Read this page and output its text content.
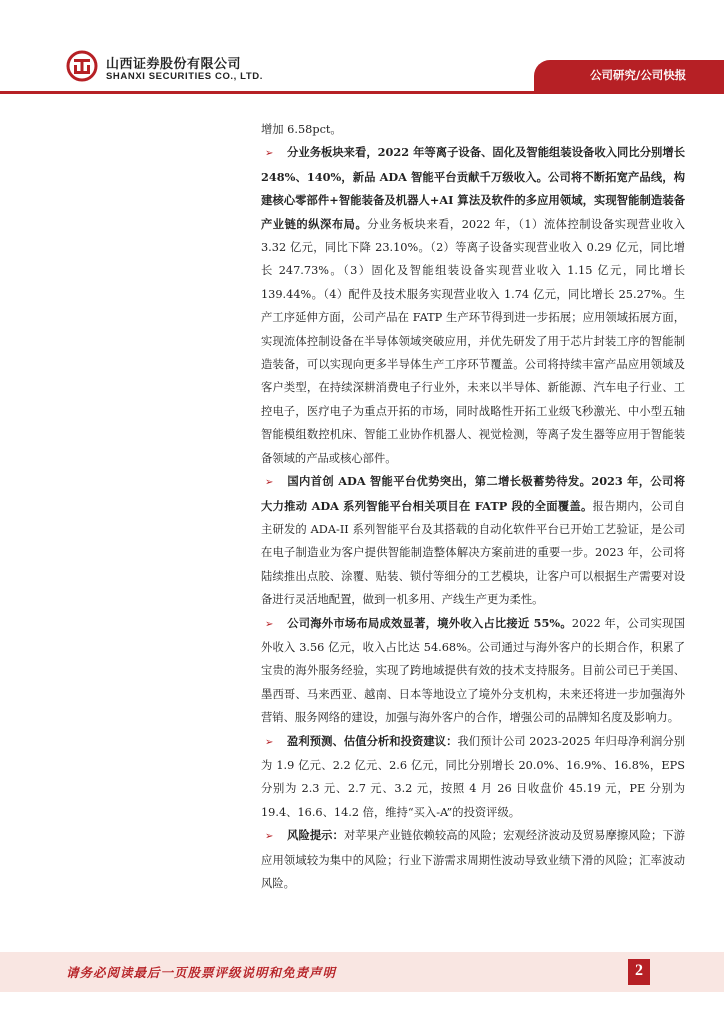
山西证券股份有限公司
SHANXI SECURITIES CO., LTD.	公司研究/公司快报

增加 6.58pct。

➢ 分业务板块来看，2022 年等离子设备、固化及智能组装设备收入同比分别增长 248%、140%，新品 ADA 智能平台贡献千万级收入。公司将不断拓宽产品线，构建核心零部件+智能装备及机器人+AI 算法及软件的多应用领域，实现智能制造装备产业链的纵深布局。分业务板块来看，2022 年，（1）流体控制设备实现营业收入 3.32 亿元，同比下降 23.10%。（2）等离子设备实现营业收入 0.29 亿元，同比增长 247.73%。（3）固化及智能组装设备实现营业收入 1.15 亿元，同比增长 139.44%。（4）配件及技术服务实现营业收入 1.74 亿元，同比增长 25.27%。生产工序延伸方面，公司产品在 FATP 生产环节得到进一步拓展；应用领域拓展方面，实现流体控制设备在半导体领域突破应用，并优先研发了用于芯片封装工序的智能制造装备，可以实现向更多半导体生产工序环节覆盖。公司将持续丰富产品应用领域及客户类型，在持续深耕消费电子行业外，未来以半导体、新能源、汽车电子行业、工控电子，医疗电子为重点开拓的市场，同时战略性开拓工业级飞秒激光、中小型五轴智能模组数控机床、智能工业协作机器人、视觉检测，等离子发生器等应用于智能装备领域的产品或核心部件。

➢ 国内首创 ADA 智能平台优势突出，第二增长极蓄势待发。2023 年，公司将大力推动 ADA 系列智能平台相关项目在 FATP 段的全面覆盖。报告期内，公司自主研发的 ADA-II 系列智能平台及其搭载的自动化软件平台已开始工艺验证，是公司在电子制造业为客户提供智能制造整体解决方案前进的重要一步。2023 年，公司将陆续推出点胶、涂覆、贴装、锁付等细分的工艺模块，让客户可以根据生产需要对设备进行灵活地配置，做到一机多用、产线生产更为柔性。

➢ 公司海外市场布局成效显著，境外收入占比接近 55%。2022 年，公司实现国外收入 3.56 亿元，收入占比达 54.68%。公司通过与海外客户的长期合作，积累了宝贵的海外服务经验，实现了跨地域提供有效的技术支持服务。目前公司已于美国、墨西哥、马来西亚、越南、日本等地设立了境外分支机构，未来还将进一步加强海外营销、服务网络的建设，加强与海外客户的合作，增强公司的品牌知名度及影响力。

➢ 盈利预测、估值分析和投资建议：我们预计公司 2023-2025 年归母净利润分别为 1.9 亿元、2.2 亿元、2.6 亿元，同比分别增长 20.0%、16.9%、16.8%，EPS 分别为 2.3 元、2.7 元、3.2 元，按照 4 月 26 日收盘价 45.19 元，PE 分别为 19.4、16.6、14.2 倍，维持“买入-A”的投资评级。

➢ 风险提示：对苹果产业链依赖较高的风险；宏观经济波动及贸易摩擦风险；下游应用领域较为集中的风险；行业下游需求周期性波动导致业绩下滑的风险；汇率波动风险。

请务必阅读最后一页股票评级说明和免责声明	2
